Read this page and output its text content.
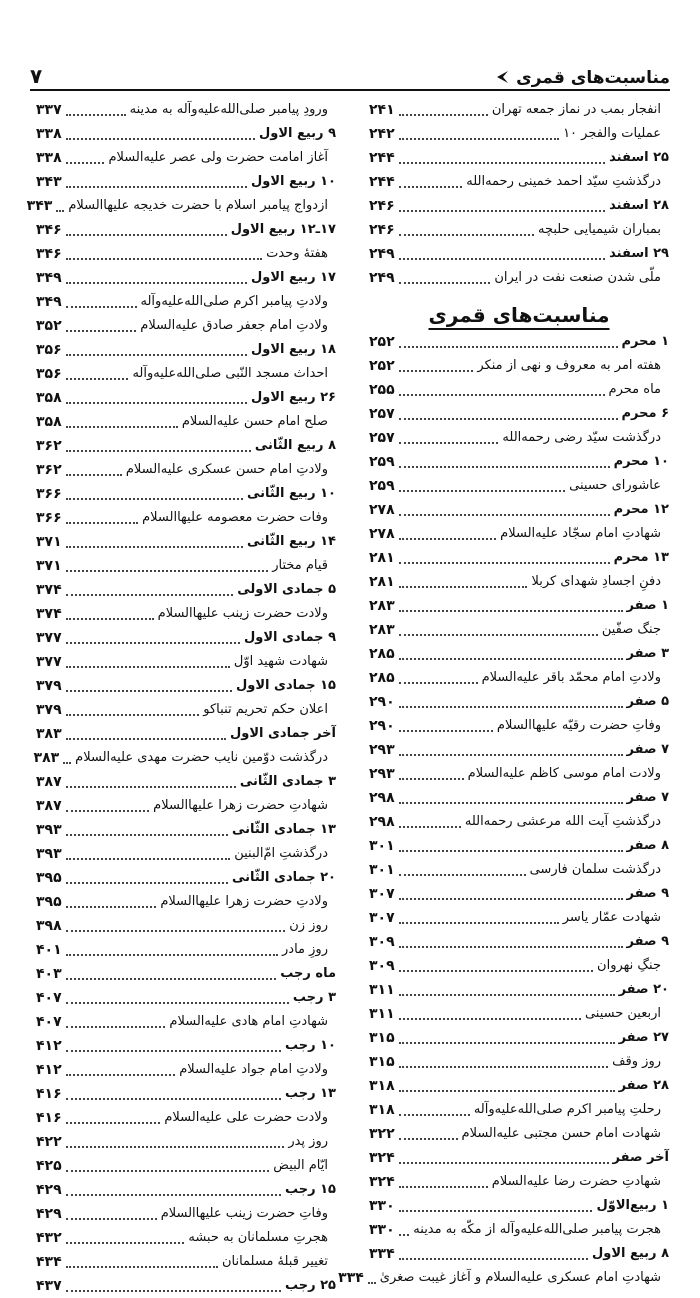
مناسبت‌های قمری
۷
انفجار بمب در نماز جمعه تهران
۲۴۱
عملیات والفجر ۱۰
۲۴۲
۲۵ اسفند
۲۴۴
درگذشتِ سیّد احمد خمینی رحمه‌الله
۲۴۴
۲۸ اسفند
۲۴۶
بمباران شیمیایی حلبچه
۲۴۶
۲۹ اسفند
۲۴۹
ملّی شدن صنعت نفت در ایران
۲۴۹
مناسبت‌های قمری
۱ محرم
۲۵۲
هفته امر به معروف و نهی از منکر
۲۵۲
ماه محرم
۲۵۵
۶ محرم
۲۵۷
درگذشت سیّد رضی رحمه‌الله
۲۵۷
۱۰ محرم
۲۵۹
عاشورای حسینی
۲۵۹
۱۲ محرم
۲۷۸
شهادتِ امام سجّاد علیه‌السلام
۲۷۸
۱۳ محرم
۲۸۱
دفنِ اجسادِ شهدای کربلا
۲۸۱
۱ صفر
۲۸۳
جنگ صفّین
۲۸۳
۳ صفر
۲۸۵
ولادتِ امام محمّد باقر علیه‌السلام
۲۸۵
۵ صفر
۲۹۰
وفاتِ حضرت رقیّه علیهاالسلام
۲۹۰
۷ صفر
۲۹۳
ولادت امام موسی کاظم علیه‌السلام
۲۹۳
۷ صفر
۲۹۸
درگذشتِ آیت الله مرعشی رحمه‌الله
۲۹۸
۸ صفر
۳۰۱
درگذشت سلمان فارسی
۳۰۱
۹ صفر
۳۰۷
شهادت عمّار یاسر
۳۰۷
۹ صفر
۳۰۹
جنگِ نهروان
۳۰۹
۲۰ صفر
۳۱۱
اربعین حسینی
۳۱۱
۲۷ صفر
۳۱۵
روز وقف
۳۱۵
۲۸ صفر
۳۱۸
رحلتِ پیامبر اکرم صلی‌الله‌علیه‌وآله
۳۱۸
شهادت امام حسن مجتبی علیه‌السلام
۳۲۲
آخر صفر
۳۲۴
شهادتِ حضرت رضا علیه‌السلام
۳۲۴
۱ ربیع‌الاوّل
۳۳۰
هجرت پیامبر صلی‌الله‌علیه‌وآله از مکّه به مدینه
۳۳۰
۸ ربیع الاول
۳۳۴
شهادتِ امام عسکری علیه‌السلام و آغاز غیبت صغریٰ
۳۳۴
ورودِ پیامبر صلی‌الله‌علیه‌وآله به مدینه
۳۳۷
۹ ربیع الاول
۳۳۸
آغاز امامت حضرت ولی عصر علیه‌السلام
۳۳۸
۱۰ ربیع الاول
۳۴۳
ازدواج پیامبر اسلام با حضرت خدیجه علیهاالسلام
۳۴۳
۱۷ـ۱۲ ربیع الاول
۳۴۶
هفتهٔ وحدت
۳۴۶
۱۷ ربیع الاول
۳۴۹
ولادتِ پیامبر اکرم صلی‌الله‌علیه‌وآله
۳۴۹
ولادتِ امام جعفر صادق علیه‌السلام
۳۵۲
۱۸ ربیع الاول
۳۵۶
احداث مسجد النّبی صلی‌الله‌علیه‌وآله
۳۵۶
۲۶ ربیع الاول
۳۵۸
صلح امام حسن علیه‌السلام
۳۵۸
۸ ربیع الثّانی
۳۶۲
ولادتِ امام حسن عسکری علیه‌السلام
۳۶۲
۱۰ ربیع الثّانی
۳۶۶
وفات حضرت معصومه علیهاالسلام
۳۶۶
۱۴ ربیع الثّانی
۳۷۱
قیام مختار
۳۷۱
۵ جمادی الاولی
۳۷۴
ولادت حضرت زینب علیهاالسلام
۳۷۴
۹ جمادی الاول
۳۷۷
شهادت شهید اوّل
۳۷۷
۱۵ جمادی الاول
۳۷۹
اعلان حکم تحریم تنباکو
۳۷۹
آخر جمادی الاول
۳۸۳
درگذشت دوّمین نایب حضرت مهدی علیه‌السلام
۳۸۳
۳ جمادی الثّانی
۳۸۷
شهادتِ حضرت زهرا علیهاالسلام
۳۸۷
۱۳ جمادی الثّانی
۳۹۳
درگذشتِ امّ‌البنین
۳۹۳
۲۰ جمادی الثّانی
۳۹۵
ولادتِ حضرت زهرا علیهاالسلام
۳۹۵
روز زن
۳۹۸
روزِ مادر
۴۰۱
ماه رجب
۴۰۳
۳ رجب
۴۰۷
شهادتِ امام هادی علیه‌السلام
۴۰۷
۱۰ رجب
۴۱۲
ولادتِ امام جواد علیه‌السلام
۴۱۲
۱۳ رجب
۴۱۶
ولادت حضرت علی علیه‌السلام
۴۱۶
روز پدر
۴۲۲
ایّام البیض
۴۲۵
۱۵ رجب
۴۲۹
وفاتِ حضرت زینب علیهاالسلام
۴۲۹
هجرتِ مسلمانان به حبشه
۴۳۲
تغییر قبلهٔ مسلمانان
۴۳۴
۲۵ رجب
۴۳۷
